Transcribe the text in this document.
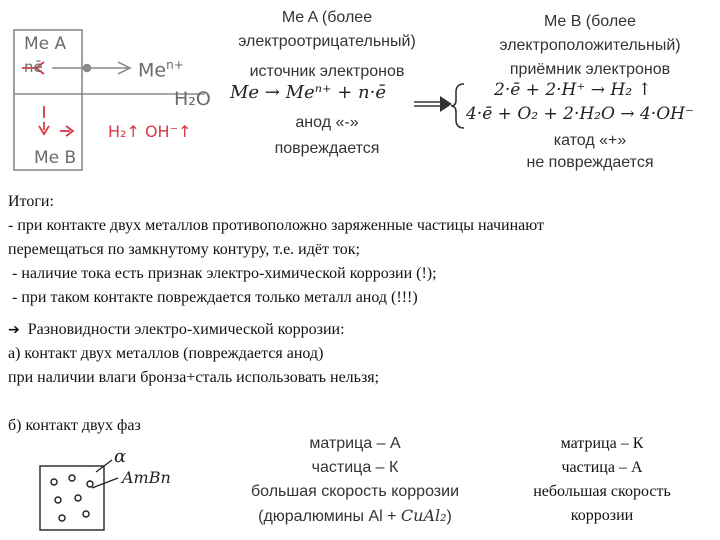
Me A
nē	$Me^{n+}$
H₂O
H₂↑ OH⁻↑
Me B
Me A (более
электроотрицательный)
источник электронов
Me → Meⁿ⁺ + n·ē
анод «-»
повреждается
Me B (более
электроположительный)
приёмник электронов
2·ē + 2·H⁺ → H₂ ↑
4·ē + O₂ + 2·H₂O → 4·OH⁻
катод «+»
не повреждается
Итоги:
- при контакте двух металлов противоположно заряженные частицы начинают
перемещаться по замкнутому контуру, т.е. идёт ток;
- наличие тока есть признак электро-химической коррозии (!);
- при таком контакте повреждается только металл анод (!!!)
➔ Разновидности электро-химической коррозии:
а) контакт двух металлов (повреждается анод)
при наличии влаги бронза+сталь использовать нельзя;
б) контакт двух фаз
α
AmBn
матрица – А
частица – К
большая скорость коррозии
(дюралюмины Al + CuAl₂)
матрица – К
частица – А
небольшая скорость
коррозии
